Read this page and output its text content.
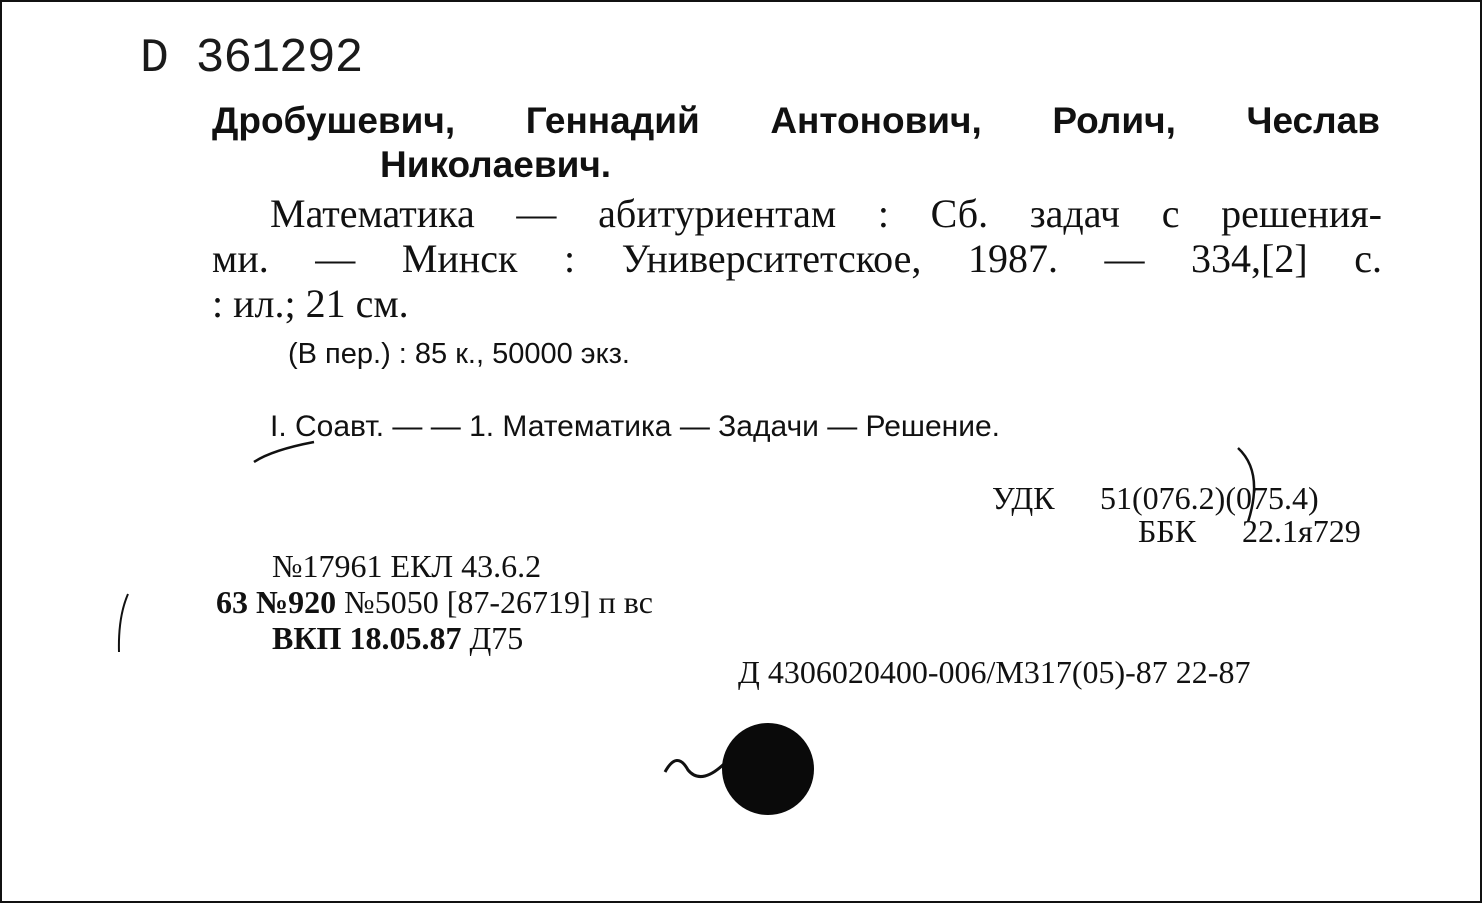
D 361292
Дробушевич, Геннадий Антонович, Ролич, Чеслав
Николаевич.
Математика — абитуриентам : Сб. задач с решения-
ми. — Минск : Университетское, 1987. — 334,[2] с.
: ил.; 21 см.
(В пер.) : 85 к., 50000 экз.
I. Соавт. — — 1. Математика — Задачи — Решение.
УДК 51(076.2)(075.4)
ББК 22.1я729
№17961 ЕКЛ 43.6.2
63 №920 №5050 [87-26719] п вс
ВКП 18.05.87 Д75
Д 4306020400-006/М317(05)-87 22-87
